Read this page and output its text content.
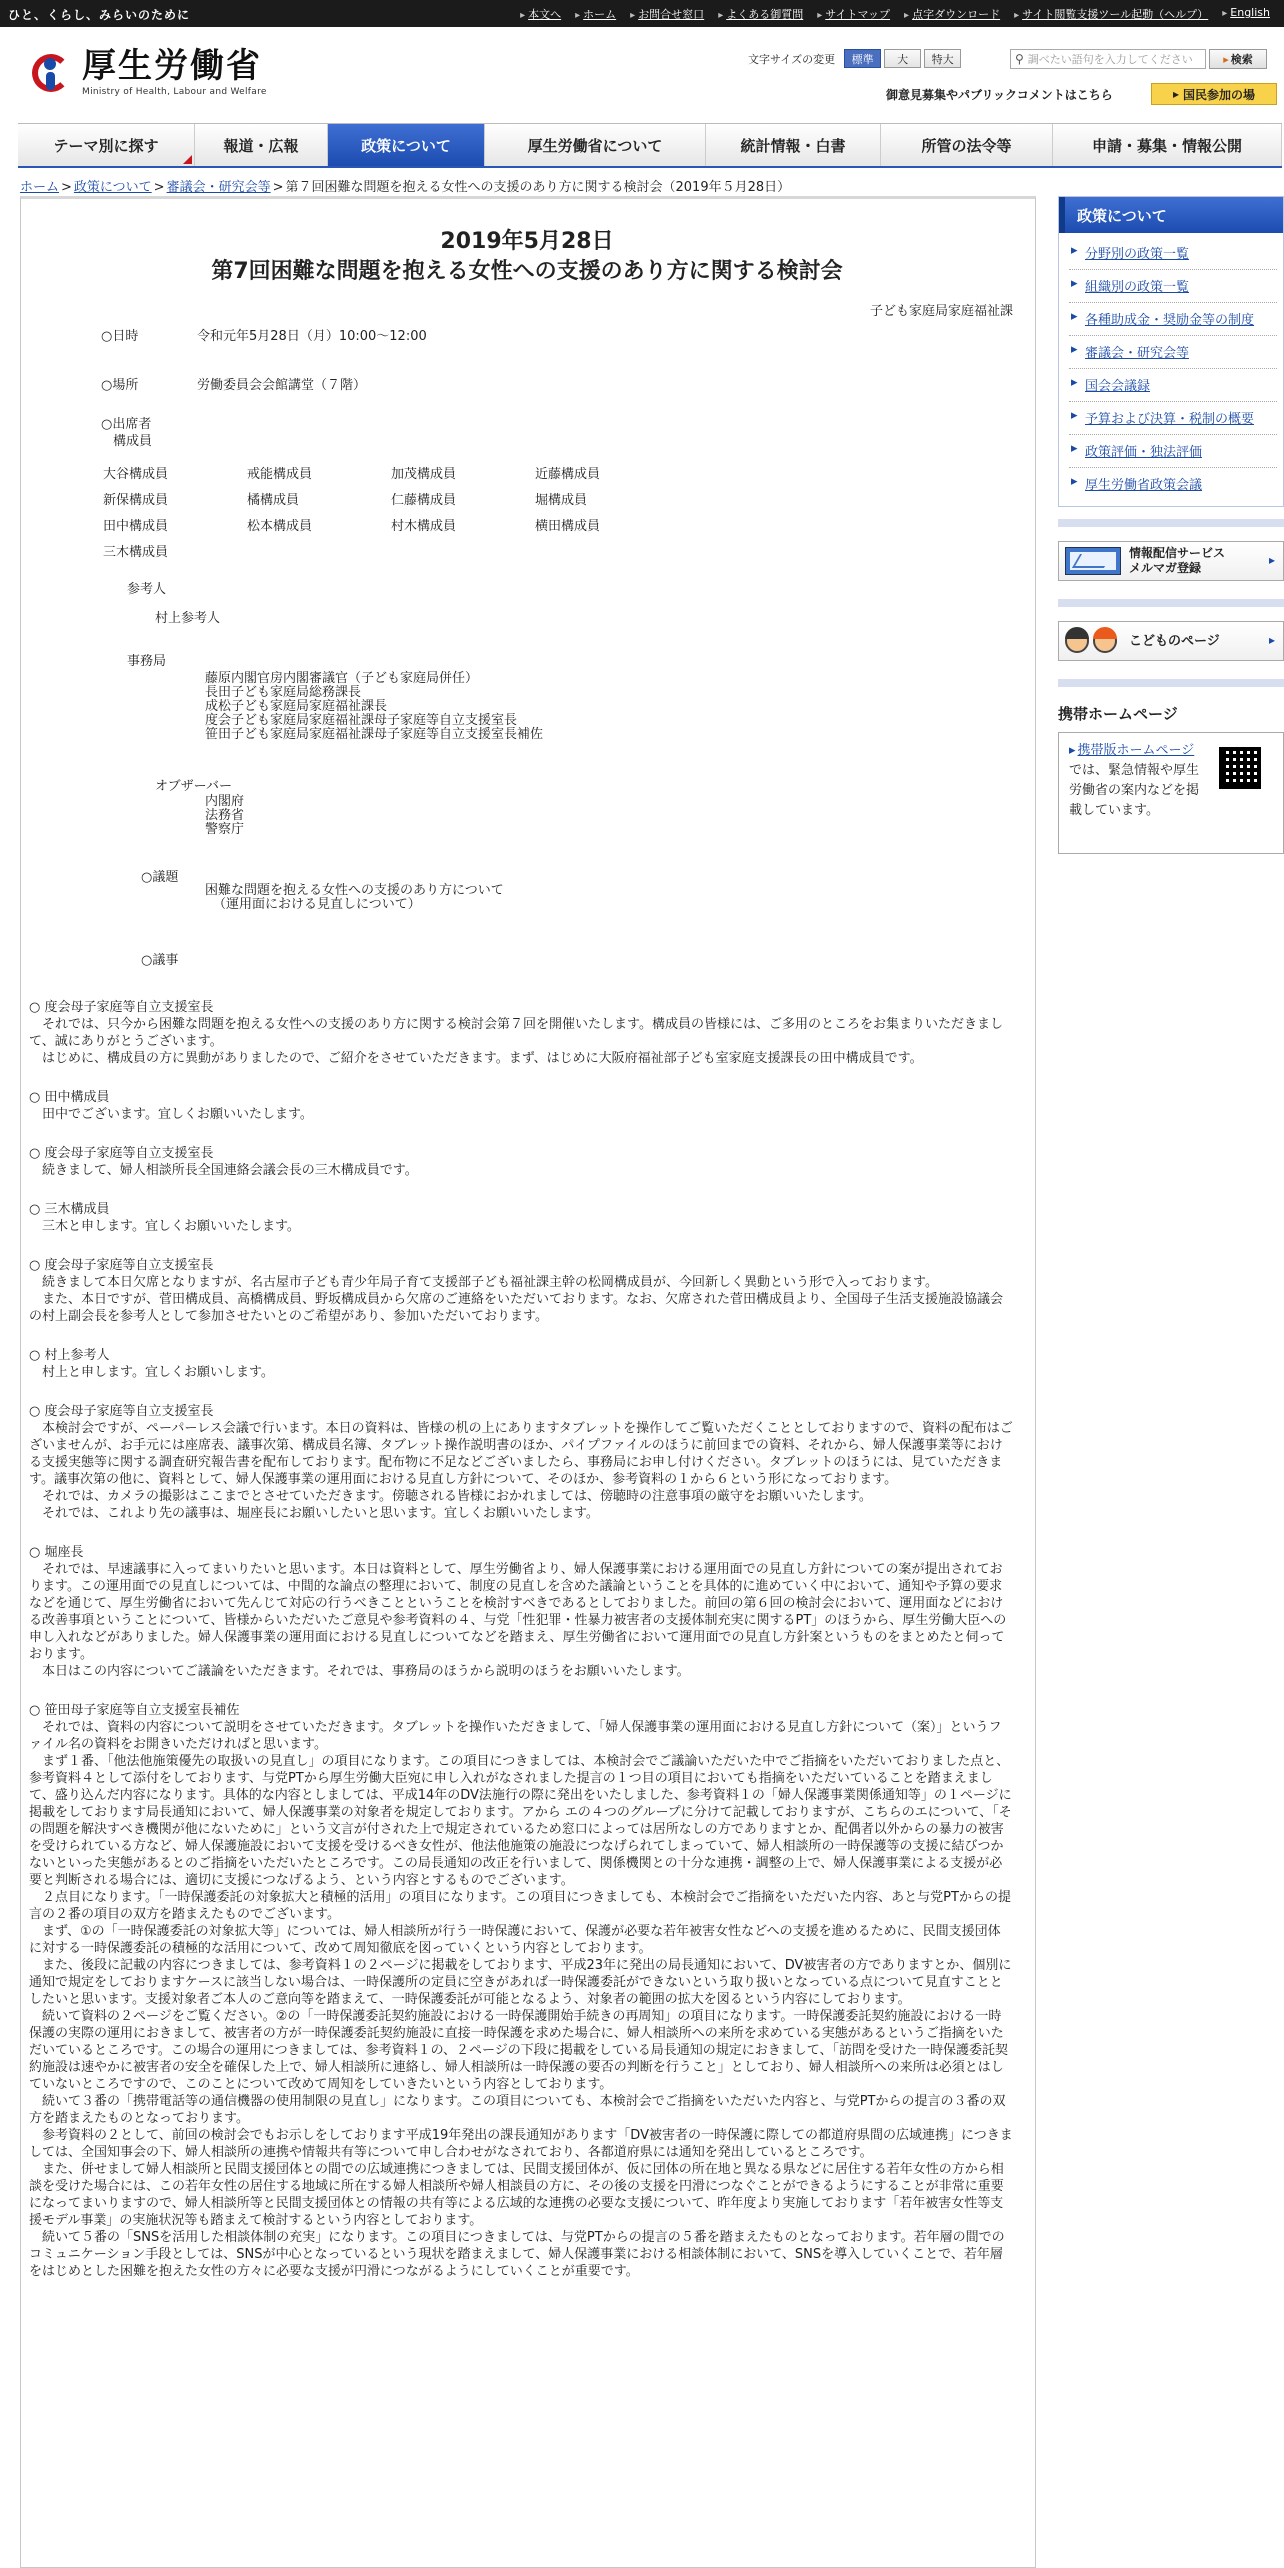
ひと、くらし、みらいのために	▸ 本文へ	▸ ホーム	▸ お問合せ窓口	▸ よくある御質問	▸ サイトマップ	▸ 点字ダウンロード	▸ サイト閲覧支援ツール起動（ヘルプ）	▸ English
厚生労働省
Ministry of Health, Labour and Welfare
文字サイズの変更	標準	大	特大	⚲ 調べたい語句を入力してください	▸ 検索
御意見募集やパブリックコメントはこちら	▸ 国民参加の場
テーマ別に探す	報道・広報	政策について	厚生労働省について	統計情報・白書	所管の法令等	申請・募集・情報公開
ホーム > 政策について > 審議会・研究会等 > 第７回困難な問題を抱える女性への支援のあり方に関する検討会（2019年５月28日）
2019年5月28日
第7回困難な問題を抱える女性への支援のあり方に関する検討会
子ども家庭局家庭福祉課
○日時	令和元年5月28日（月）10:00～12:00
○場所	労働委員会会館講堂（７階）
○出席者
構成員
大谷構成員	戒能構成員	加茂構成員	近藤構成員
新保構成員	橘構成員	仁藤構成員	堀構成員
田中構成員	松本構成員	村木構成員	横田構成員
三木構成員
参考人
村上参考人
事務局
藤原内閣官房内閣審議官（子ども家庭局併任）
長田子ども家庭局総務課長
成松子ども家庭局家庭福祉課長
度会子ども家庭局家庭福祉課母子家庭等自立支援室長
笹田子ども家庭局家庭福祉課母子家庭等自立支援室長補佐
オブザーバー
内閣府
法務省
警察庁
○議題
困難な問題を抱える女性への支援のあり方について
（運用面における見直しについて）
○議事
○ 度会母子家庭等自立支援室長

それでは、只今から困難な問題を抱える女性への支援のあり方に関する検討会第７回を開催いたします。構成員の皆様には、ご多用のところをお集まりいただきまして、誠にありがとうございます。

はじめに、構成員の方に異動がありましたので、ご紹介をさせていただきます。まず、はじめに大阪府福祉部子ども室家庭支援課長の田中構成員です。

○ 田中構成員

田中でございます。宜しくお願いいたします。

○ 度会母子家庭等自立支援室長

続きまして、婦人相談所長全国連絡会議会長の三木構成員です。

○ 三木構成員

三木と申します。宜しくお願いいたします。

○ 度会母子家庭等自立支援室長

続きまして本日欠席となりますが、名古屋市子ども青少年局子育て支援部子ども福祉課主幹の松岡構成員が、今回新しく異動という形で入っております。

また、本日ですが、菅田構成員、高橋構成員、野坂構成員から欠席のご連絡をいただいております。なお、欠席された菅田構成員より、全国母子生活支援施設協議会の村上副会長を参考人として参加させたいとのご希望があり、参加いただいております。

○ 村上参考人

村上と申します。宜しくお願いします。

○ 度会母子家庭等自立支援室長

本検討会ですが、ペーパーレス会議で行います。本日の資料は、皆様の机の上にありますタブレットを操作してご覧いただくこととしておりますので、資料の配布はございませんが、お手元には座席表、議事次第、構成員名簿、タブレット操作説明書のほか、パイプファイルのほうに前回までの資料、それから、婦人保護事業等における支援実態等に関する調査研究報告書を配布しております。配布物に不足などございましたら、事務局にお申し付けください。タブレットのほうには、見ていただきます。議事次第の他に、資料として、婦人保護事業の運用面における見直し方針について、そのほか、参考資料の１から６という形になっております。

それでは、カメラの撮影はここまでとさせていただきます。傍聴される皆様におかれましては、傍聴時の注意事項の厳守をお願いいたします。

それでは、これより先の議事は、堀座長にお願いしたいと思います。宜しくお願いいたします。

○ 堀座長

それでは、早速議事に入ってまいりたいと思います。本日は資料として、厚生労働省より、婦人保護事業における運用面での見直し方針についての案が提出されております。この運用面での見直しについては、中間的な論点の整理において、制度の見直しを含めた議論ということを具体的に進めていく中において、通知や予算の要求などを通じて、厚生労働省において先んじて対応の行うべきことということを検討すべきであるとしておりました。前回の第６回の検討会において、運用面などにおける改善事項ということについて、皆様からいただいたご意見や参考資料の４、与党「性犯罪・性暴力被害者の支援体制充実に関するPT」のほうから、厚生労働大臣への申し入れなどがありました。婦人保護事業の運用面における見直しについてなどを踏まえ、厚生労働省において運用面での見直し方針案というものをまとめたと伺っております。

本日はこの内容についてご議論をいただきます。それでは、事務局のほうから説明のほうをお願いいたします。

○ 笹田母子家庭等自立支援室長補佐

それでは、資料の内容について説明をさせていただきます。タブレットを操作いただきまして、「婦人保護事業の運用面における見直し方針について（案）」というファイル名の資料をお開きいただければと思います。

まず１番、「他法他施策優先の取扱いの見直し」の項目になります。この項目につきましては、本検討会でご議論いただいた中でご指摘をいただいておりました点と、参考資料４として添付をしております、与党PTから厚生労働大臣宛に申し入れがなされました提言の１つ目の項目においても指摘をいただいていることを踏まえまして、盛り込んだ内容になります。具体的な内容としましては、平成14年のDV法施行の際に発出をいたしました、参考資料１の「婦人保護事業関係通知等」の１ページに掲載をしております局長通知において、婦人保護事業の対象者を規定しております。アから エの４つのグループに分けて記載しておりますが、こちらのエについて、「その問題を解決すべき機関が他にないために」という文言が付された上で規定されているため窓口によっては居所なしの方でありますとか、配偶者以外からの暴力の被害を受けられている方など、婦人保護施設において支援を受けるべき女性が、他法他施策の施設につなげられてしまっていて、婦人相談所の一時保護等の支援に結びつかないといった実態があるとのご指摘をいただいたところです。この局長通知の改正を行いまして、関係機関との十分な連携・調整の上で、婦人保護事業による支援が必要と判断される場合には、適切に支援につなげるよう、という内容とするものでございます。

２点目になります。「一時保護委託の対象拡大と積極的活用」の項目になります。この項目につきましても、本検討会でご指摘をいただいた内容、あと与党PTからの提言の２番の項目の双方を踏まえたものでございます。

まず、①の「一時保護委託の対象拡大等」については、婦人相談所が行う一時保護において、保護が必要な若年被害女性などへの支援を進めるために、民間支援団体に対する一時保護委託の積極的な活用について、改めて周知徹底を図っていくという内容としております。

また、後段に記載の内容につきましては、参考資料１の２ページに掲載をしております、平成23年に発出の局長通知において、DV被害者の方でありますとか、個別に通知で規定をしておりますケースに該当しない場合は、一時保護所の定員に空きがあれば一時保護委託ができないという取り扱いとなっている点について見直すこととしたいと思います。支援対象者ご本人のご意向等を踏まえて、一時保護委託が可能となるよう、対象者の範囲の拡大を図るという内容にしております。

続いて資料の２ページをご覧ください。②の「一時保護委託契約施設における一時保護開始手続きの再周知」の項目になります。一時保護委託契約施設における一時保護の実際の運用におきまして、被害者の方が一時保護委託契約施設に直接一時保護を求めた場合に、婦人相談所への来所を求めている実態があるというご指摘をいただいているところです。この場合の運用につきましては、参考資料１の、２ページの下段に掲載をしている局長通知の規定におきまして、「訪問を受けた一時保護委託契約施設は速やかに被害者の安全を確保した上で、婦人相談所に連絡し、婦人相談所は一時保護の要否の判断を行うこと」としており、婦人相談所への来所は必須とはしていないところですので、このことについて改めて周知をしていきたいという内容としております。

続いて３番の「携帯電話等の通信機器の使用制限の見直し」になります。この項目についても、本検討会でご指摘をいただいた内容と、与党PTからの提言の３番の双方を踏まえたものとなっております。

参考資料の２として、前回の検討会でもお示しをしております平成19年発出の課長通知があります「DV被害者の一時保護に際しての都道府県間の広域連携」につきましては、全国知事会の下、婦人相談所の連携や情報共有等について申し合わせがなされており、各都道府県には通知を発出しているところです。

また、併せまして婦人相談所と民間支援団体との間での広域連携につきましては、民間支援団体が、仮に団体の所在地と異なる県などに居住する若年女性の方から相談を受けた場合には、この若年女性の居住する地域に所在する婦人相談所や婦人相談員の方に、その後の支援を円滑につなぐことができるようにすることが非常に重要になってまいりますので、婦人相談所等と民間支援団体との情報の共有等による広域的な連携の必要な支援について、昨年度より実施しております「若年被害女性等支援モデル事業」の実施状況等も踏まえて検討するという内容としております。

続いて５番の「SNSを活用した相談体制の充実」になります。この項目につきましては、与党PTからの提言の５番を踏まえたものとなっております。若年層の間でのコミュニケーション手段としては、SNSが中心となっているという現状を踏まえまして、婦人保護事業における相談体制において、SNSを導入していくことで、若年層をはじめとした困難を抱えた女性の方々に必要な支援が円滑につながるようにしていくことが重要です。

政策について
▸ 分野別の政策一覧
▸ 組織別の政策一覧
▸ 各種助成金・奨励金等の制度
▸ 審議会・研究会等
▸ 国会会議録
▸ 予算および決算・税制の概要
▸ 政策評価・独法評価
▸ 厚生労働省政策会議
情報配信サービス
メルマガ登録
▸
こどものページ
▸
携帯ホームページ
▸ 携帯版ホームページでは、緊急情報や厚生労働省の案内などを掲載しています。
